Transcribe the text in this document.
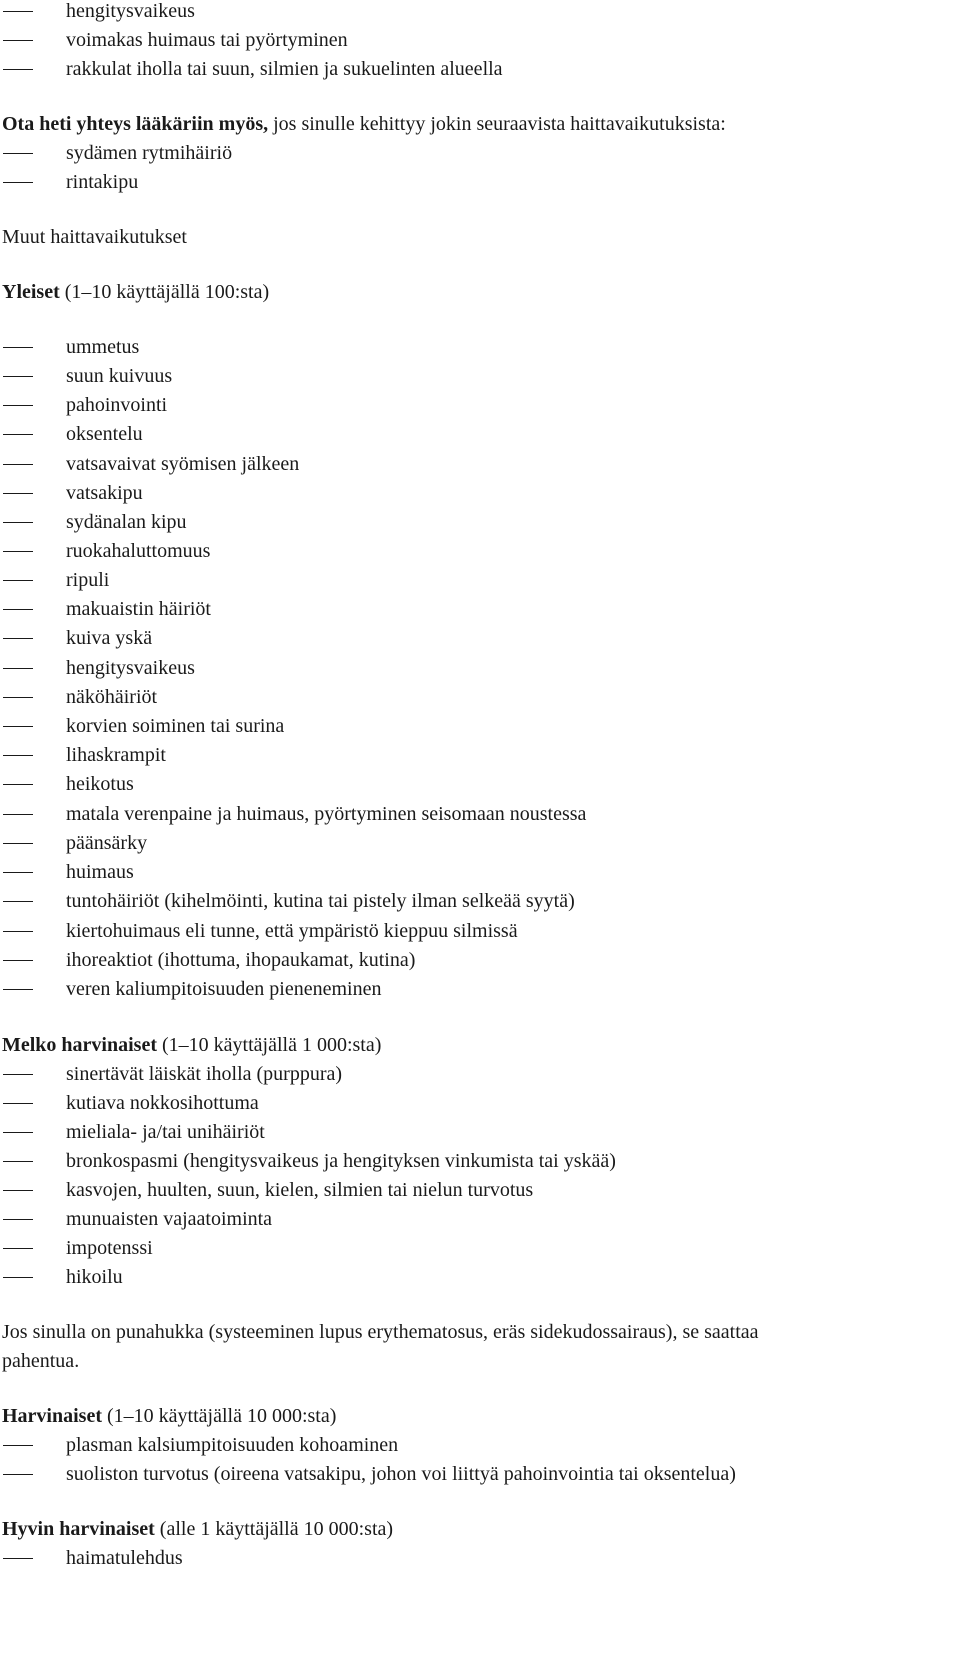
hengitysvaikeus
voimakas huimaus tai pyörtyminen
rakkulat iholla tai suun, silmien ja sukuelinten alueella
Ota heti yhteys lääkäriin myös, jos sinulle kehittyy jokin seuraavista haittavaikutuksista:
sydämen rytmihäiriö
rintakipu
Muut haittavaikutukset
Yleiset (1–10 käyttäjällä 100:sta)
ummetus
suun kuivuus
pahoinvointi
oksentelu
vatsavaivat syömisen jälkeen
vatsakipu
sydänalan kipu
ruokahaluttomuus
ripuli
makuaistin häiriöt
kuiva yskä
hengitysvaikeus
näköhäiriöt
korvien soiminen tai surina
lihaskrampit
heikotus
matala verenpaine ja huimaus, pyörtyminen seisomaan noustessa
päänsärky
huimaus
tuntohäiriöt (kihelmöinti, kutina tai pistely ilman selkeää syytä)
kiertohuimaus eli tunne, että ympäristö kieppuu silmissä
ihoreaktiot (ihottuma, ihopaukamat, kutina)
veren kaliumpitoisuuden pieneneminen
Melko harvinaiset (1–10 käyttäjällä 1 000:sta)
sinertävät läiskät iholla (purppura)
kutiava nokkosihottuma
mieliala- ja/tai unihäiriöt
bronkospasmi (hengitysvaikeus ja hengityksen vinkumista tai yskää)
kasvojen, huulten, suun, kielen, silmien tai nielun turvotus
munuaisten vajaatoiminta
impotenssi
hikoilu
Jos sinulla on punahukka (systeeminen lupus erythematosus, eräs sidekudossairaus), se saattaa
pahentua.
Harvinaiset (1–10 käyttäjällä 10 000:sta)
plasman kalsiumpitoisuuden kohoaminen
suoliston turvotus (oireena vatsakipu, johon voi liittyä pahoinvointia tai oksentelua)
Hyvin harvinaiset (alle 1 käyttäjällä 10 000:sta)
haimatulehdus
